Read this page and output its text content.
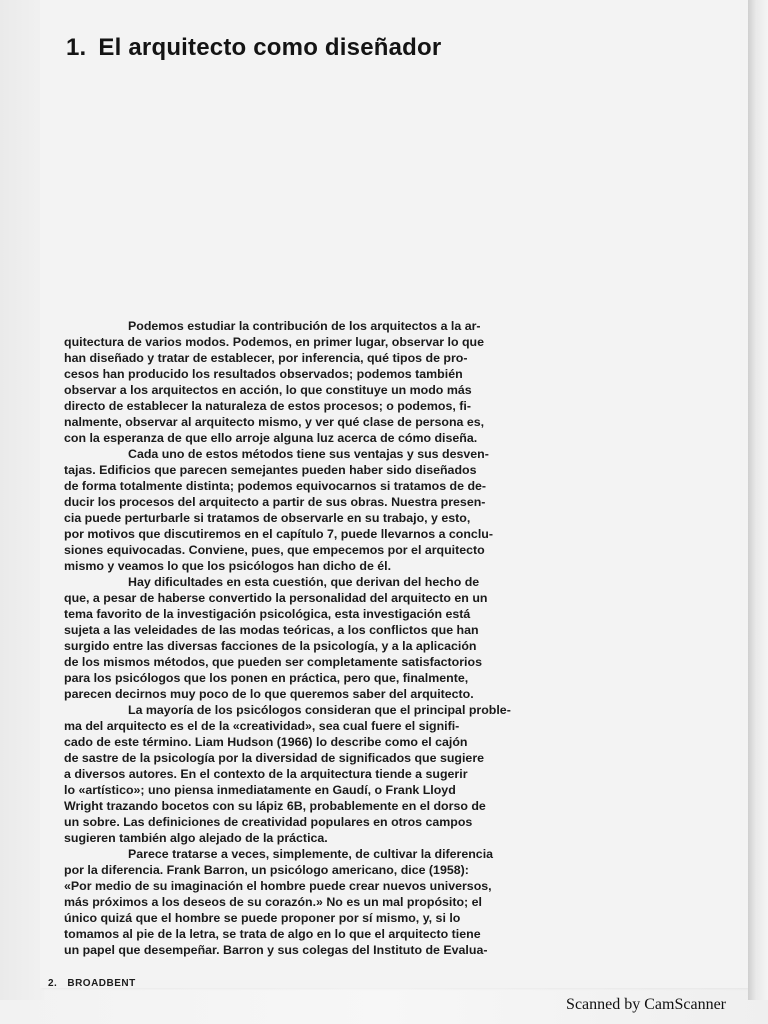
1. El arquitecto como diseñador
Podemos estudiar la contribución de los arquitectos a la ar-
quitectura de varios modos. Podemos, en primer lugar, observar lo que
han diseñado y tratar de establecer, por inferencia, qué tipos de pro-
cesos han producido los resultados observados; podemos también
observar a los arquitectos en acción, lo que constituye un modo más
directo de establecer la naturaleza de estos procesos; o podemos, fi-
nalmente, observar al arquitecto mismo, y ver qué clase de persona es,
con la esperanza de que ello arroje alguna luz acerca de cómo diseña.
Cada uno de estos métodos tiene sus ventajas y sus desven-
tajas. Edificios que parecen semejantes pueden haber sido diseñados
de forma totalmente distinta; podemos equivocarnos si tratamos de de-
ducir los procesos del arquitecto a partir de sus obras. Nuestra presen-
cia puede perturbarle si tratamos de observarle en su trabajo, y esto,
por motivos que discutiremos en el capítulo 7, puede llevarnos a conclu-
siones equivocadas. Conviene, pues, que empecemos por el arquitecto
mismo y veamos lo que los psicólogos han dicho de él.
Hay dificultades en esta cuestión, que derivan del hecho de
que, a pesar de haberse convertido la personalidad del arquitecto en un
tema favorito de la investigación psicológica, esta investigación está
sujeta a las veleidades de las modas teóricas, a los conflictos que han
surgido entre las diversas facciones de la psicología, y a la aplicación
de los mismos métodos, que pueden ser completamente satisfactorios
para los psicólogos que los ponen en práctica, pero que, finalmente,
parecen decirnos muy poco de lo que queremos saber del arquitecto.
La mayoría de los psicólogos consideran que el principal proble-
ma del arquitecto es el de la «creatividad», sea cual fuere el signifi-
cado de este término. Liam Hudson (1966) lo describe como el cajón
de sastre de la psicología por la diversidad de significados que sugiere
a diversos autores. En el contexto de la arquitectura tiende a sugerir
lo «artístico»; uno piensa inmediatamente en Gaudí, o Frank Lloyd
Wright trazando bocetos con su lápiz 6B, probablemente en el dorso de
un sobre. Las definiciones de creatividad populares en otros campos
sugieren también algo alejado de la práctica.
Parece tratarse a veces, simplemente, de cultivar la diferencia
por la diferencia. Frank Barron, un psicólogo americano, dice (1958):
«Por medio de su imaginación el hombre puede crear nuevos universos,
más próximos a los deseos de su corazón.» No es un mal propósito; el
único quizá que el hombre se puede proponer por sí mismo, y, si lo
tomamos al pie de la letra, se trata de algo en lo que el arquitecto tiene
un papel que desempeñar. Barron y sus colegas del Instituto de Evalua-
2. BROADBENT
Scanned by CamScanner
